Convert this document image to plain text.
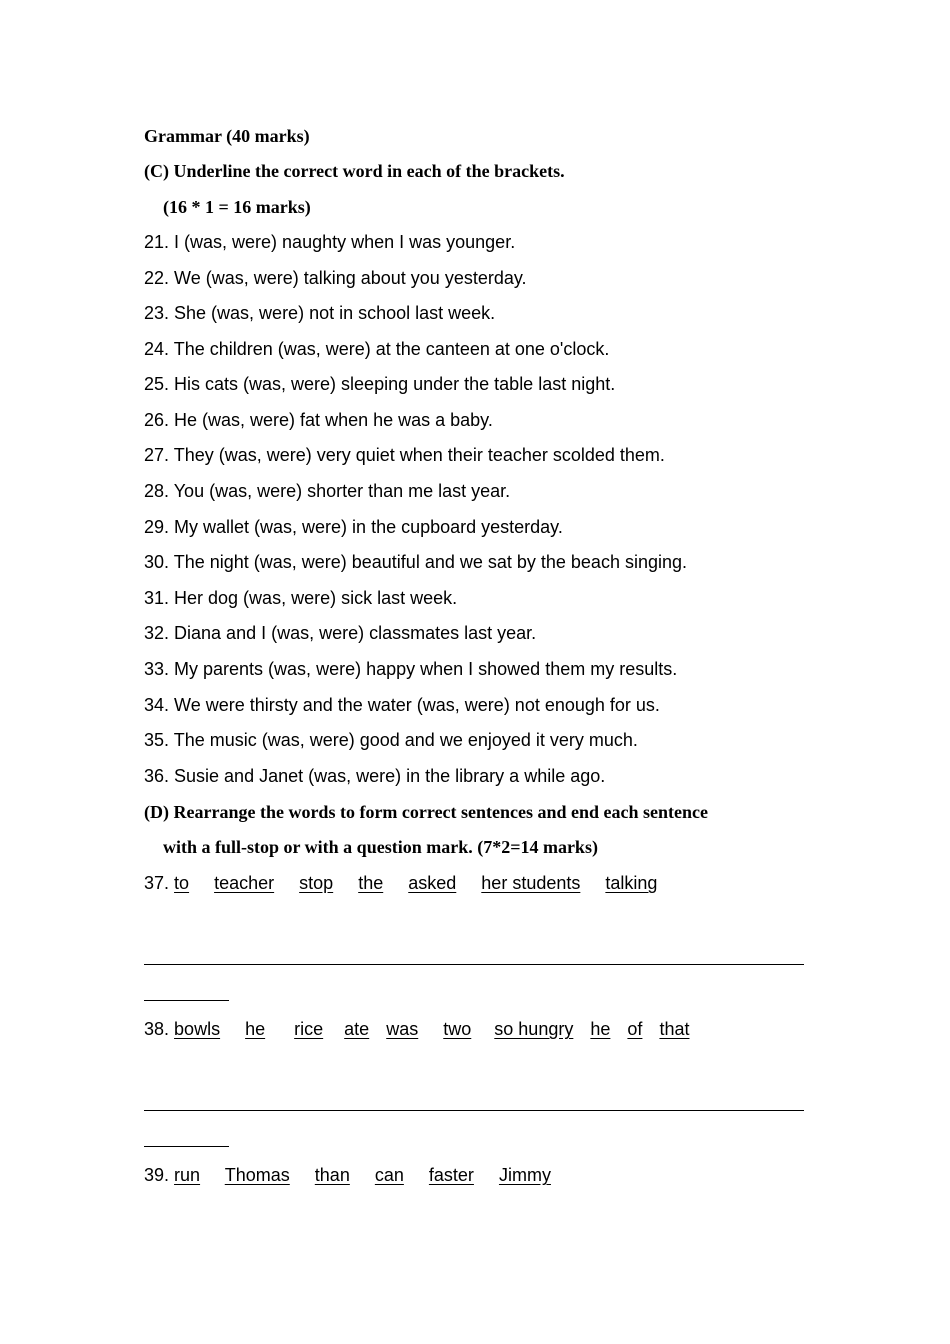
Grammar (40 marks)
(C) Underline the correct word in each of the brackets.
(16 * 1 = 16 marks)
21. I (was, were) naughty when I was younger.
22. We (was, were) talking about you yesterday.
23. She (was, were) not in school last week.
24. The children (was, were) at the canteen at one o'clock.
25. His cats (was, were) sleeping under the table last night.
26. He (was, were) fat when he was a baby.
27. They (was, were) very quiet when their teacher scolded them.
28. You (was, were) shorter than me last year.
29. My wallet (was, were) in the cupboard yesterday.
30. The night (was, were) beautiful and we sat by the beach singing.
31. Her dog (was, were) sick last week.
32. Diana and I (was, were) classmates last year.
33. My parents (was, were) happy when I showed them my results.
34. We were thirsty and the water (was, were) not enough for us.
35. The music (was, were) good and we enjoyed it very much.
36. Susie and Janet (was, were) in the library a while ago.
(D) Rearrange the words to form correct sentences and end each sentence
with a full-stop or with a question mark. (7*2=14 marks)
37. to teacher stop the asked her students talking
38. bowls he rice ate was two so hungry he of that
39. run Thomas than can faster Jimmy
